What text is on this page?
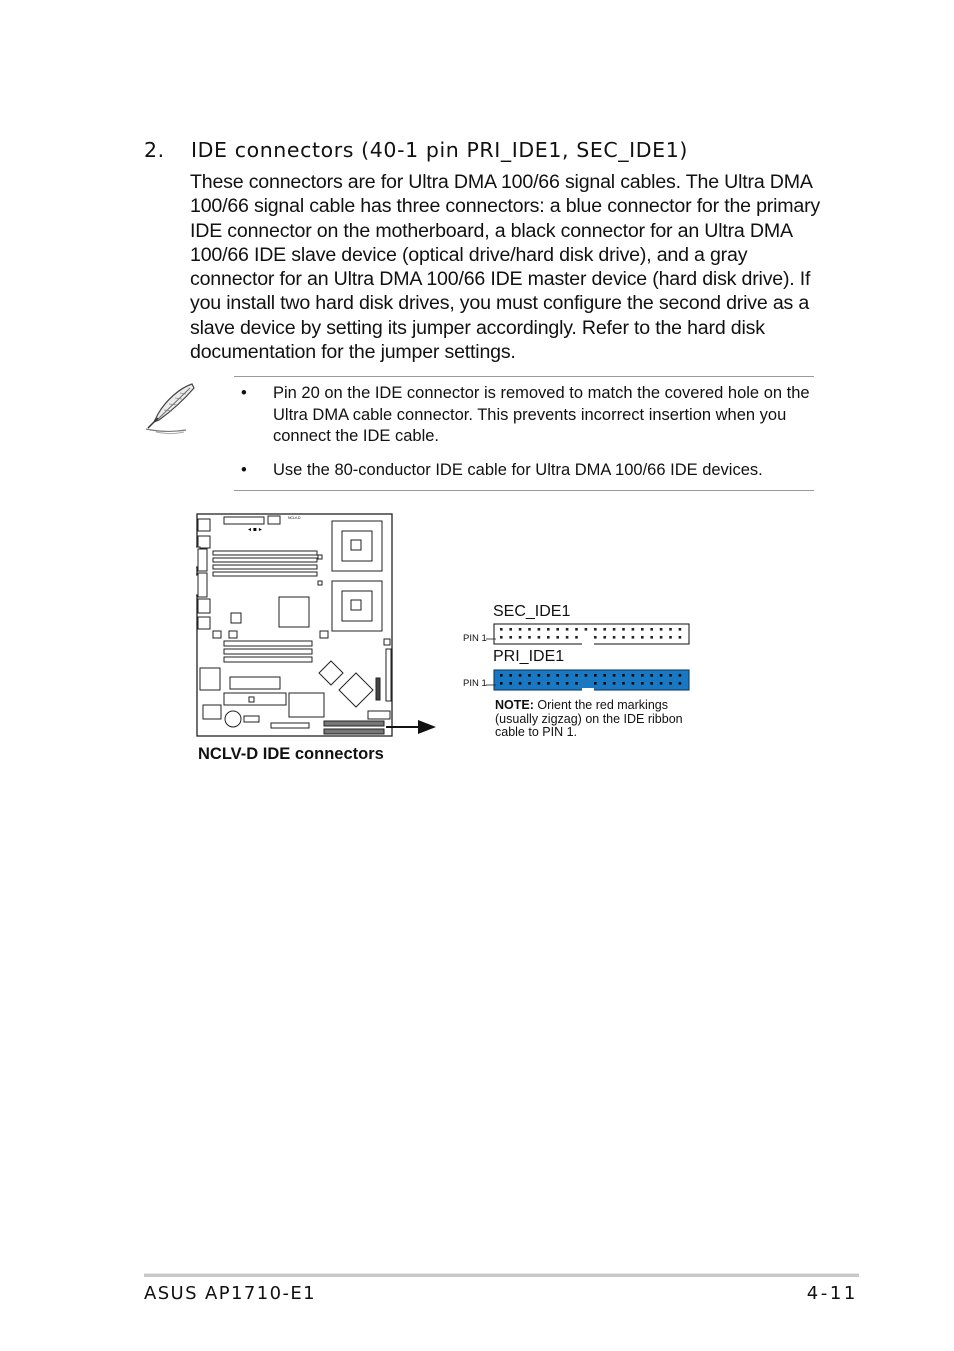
2. IDE connectors (40-1 pin PRI_IDE1, SEC_IDE1)

These connectors are for Ultra DMA 100/66 signal cables. The Ultra DMA 100/66 signal cable has three connectors: a blue connector for the primary IDE connector on the motherboard, a black connector for an Ultra DMA 100/66 IDE slave device (optical drive/hard disk drive), and a gray connector for an Ultra DMA 100/66 IDE master device (hard disk drive). If you install two hard disk drives, you must configure the second drive as a slave device by setting its jumper accordingly. Refer to the hard disk documentation for the jumper settings.

• Pin 20 on the IDE connector is removed to match the covered hole on the Ultra DMA cable connector. This prevents incorrect insertion when you connect the IDE cable.
• Use the 80-conductor IDE cable for Ultra DMA 100/66 IDE devices.
NCLV-D
◂ ▪ ▸
NCLV-D IDE connectors
SEC_IDE1
PRI_IDE1
PIN 1
PIN 1
NOTE: Orient the red markings (usually zigzag) on the IDE ribbon cable to PIN 1.
ASUS AP1710-E1	4-11
